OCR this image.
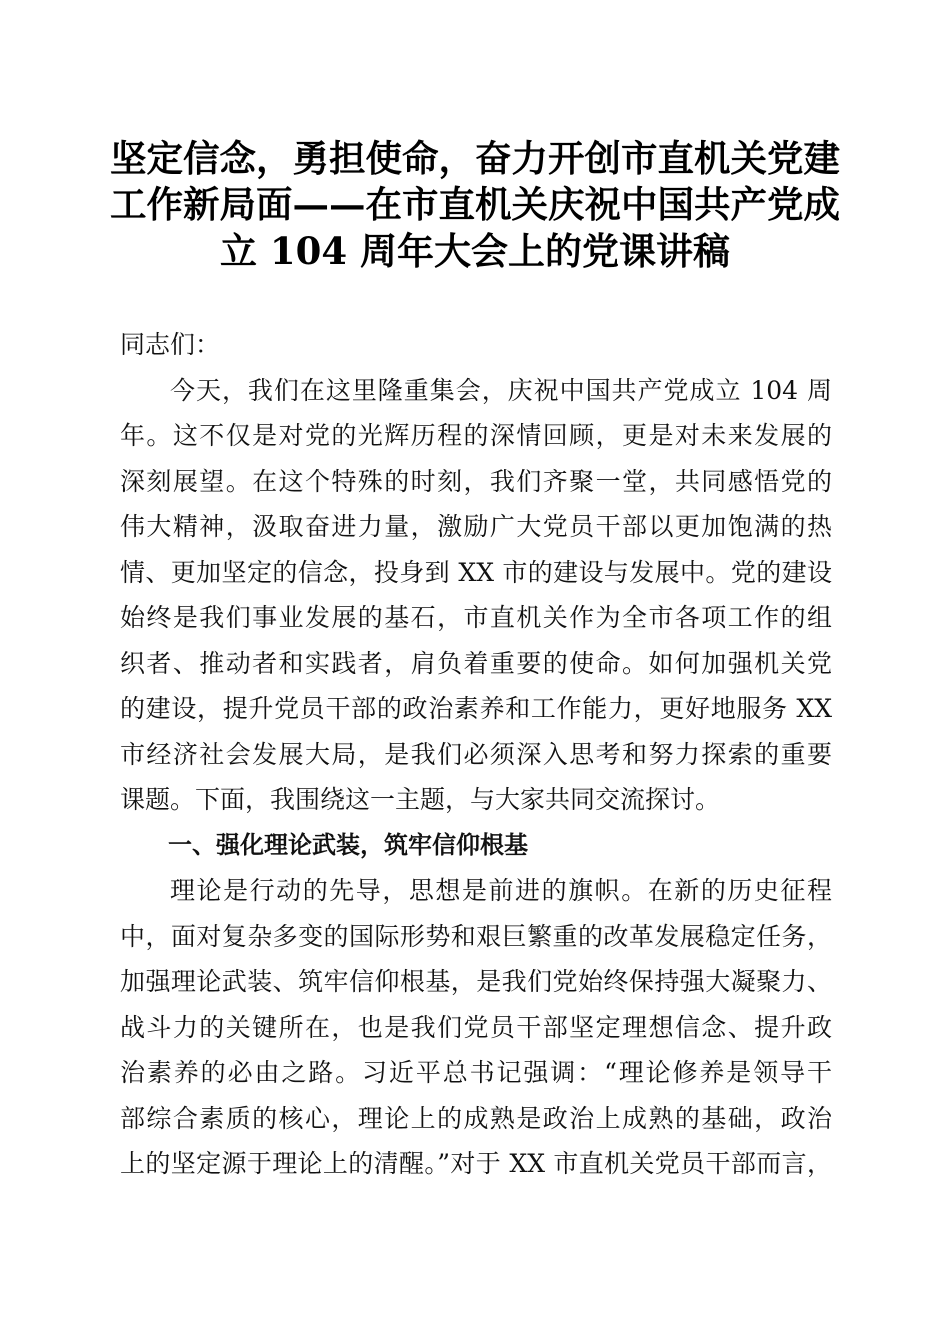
坚定信念，勇担使命，奋力开创市直机关党建
工作新局面——在市直机关庆祝中国共产党成
立 104 周年大会上的党课讲稿
同志们：
今天，我们在这里隆重集会，庆祝中国共产党成立 104 周
年。这不仅是对党的光辉历程的深情回顾，更是对未来发展的
深刻展望。在这个特殊的时刻，我们齐聚一堂，共同感悟党的
伟大精神，汲取奋进力量，激励广大党员干部以更加饱满的热
情、更加坚定的信念，投身到 XX 市的建设与发展中。党的建设
始终是我们事业发展的基石，市直机关作为全市各项工作的组
织者、推动者和实践者，肩负着重要的使命。如何加强机关党
的建设，提升党员干部的政治素养和工作能力，更好地服务 XX
市经济社会发展大局，是我们必须深入思考和努力探索的重要
课题。下面，我围绕这一主题，与大家共同交流探讨。
一、强化理论武装，筑牢信仰根基
理论是行动的先导，思想是前进的旗帜。在新的历史征程
中，面对复杂多变的国际形势和艰巨繁重的改革发展稳定任务，
加强理论武装、筑牢信仰根基，是我们党始终保持强大凝聚力、
战斗力的关键所在，也是我们党员干部坚定理想信念、提升政
治素养的必由之路。习近平总书记强调：“理论修养是领导干
部综合素质的核心，理论上的成熟是政治上成熟的基础，政治
上的坚定源于理论上的清醒。”对于 XX 市直机关党员干部而言，
